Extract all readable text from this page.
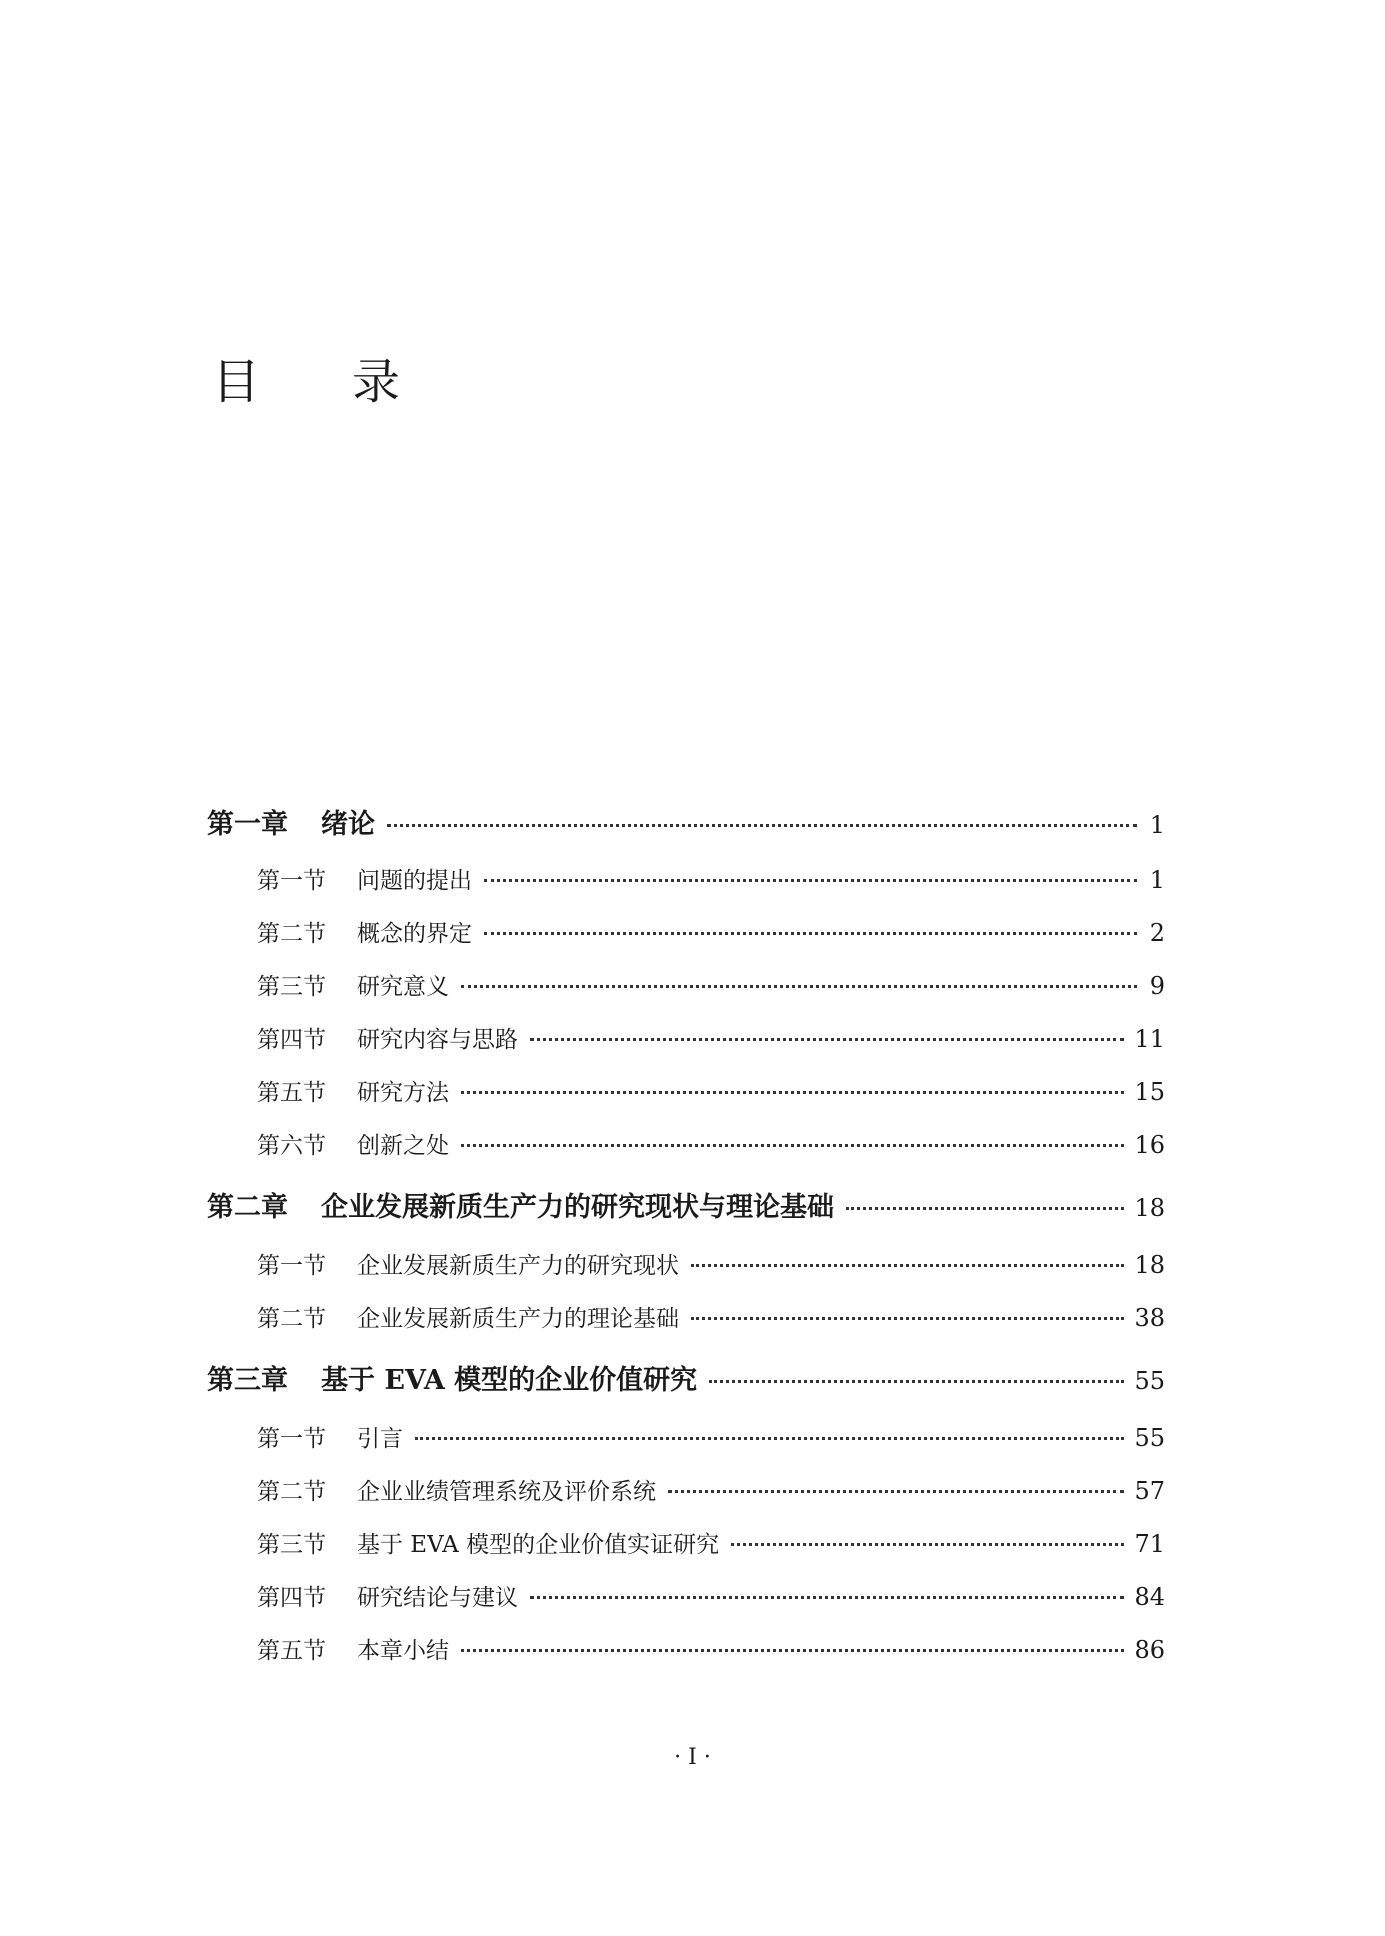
目 录
第一章	绪论	1
第一节	问题的提出	1
第二节	概念的界定	2
第三节	研究意义	9
第四节	研究内容与思路	11
第五节	研究方法	15
第六节	创新之处	16
第二章	企业发展新质生产力的研究现状与理论基础	18
第一节	企业发展新质生产力的研究现状	18
第二节	企业发展新质生产力的理论基础	38
第三章	基于 EVA 模型的企业价值研究	55
第一节	引言	55
第二节	企业业绩管理系统及评价系统	57
第三节	基于 EVA 模型的企业价值实证研究	71
第四节	研究结论与建议	84
第五节	本章小结	86
· I ·
